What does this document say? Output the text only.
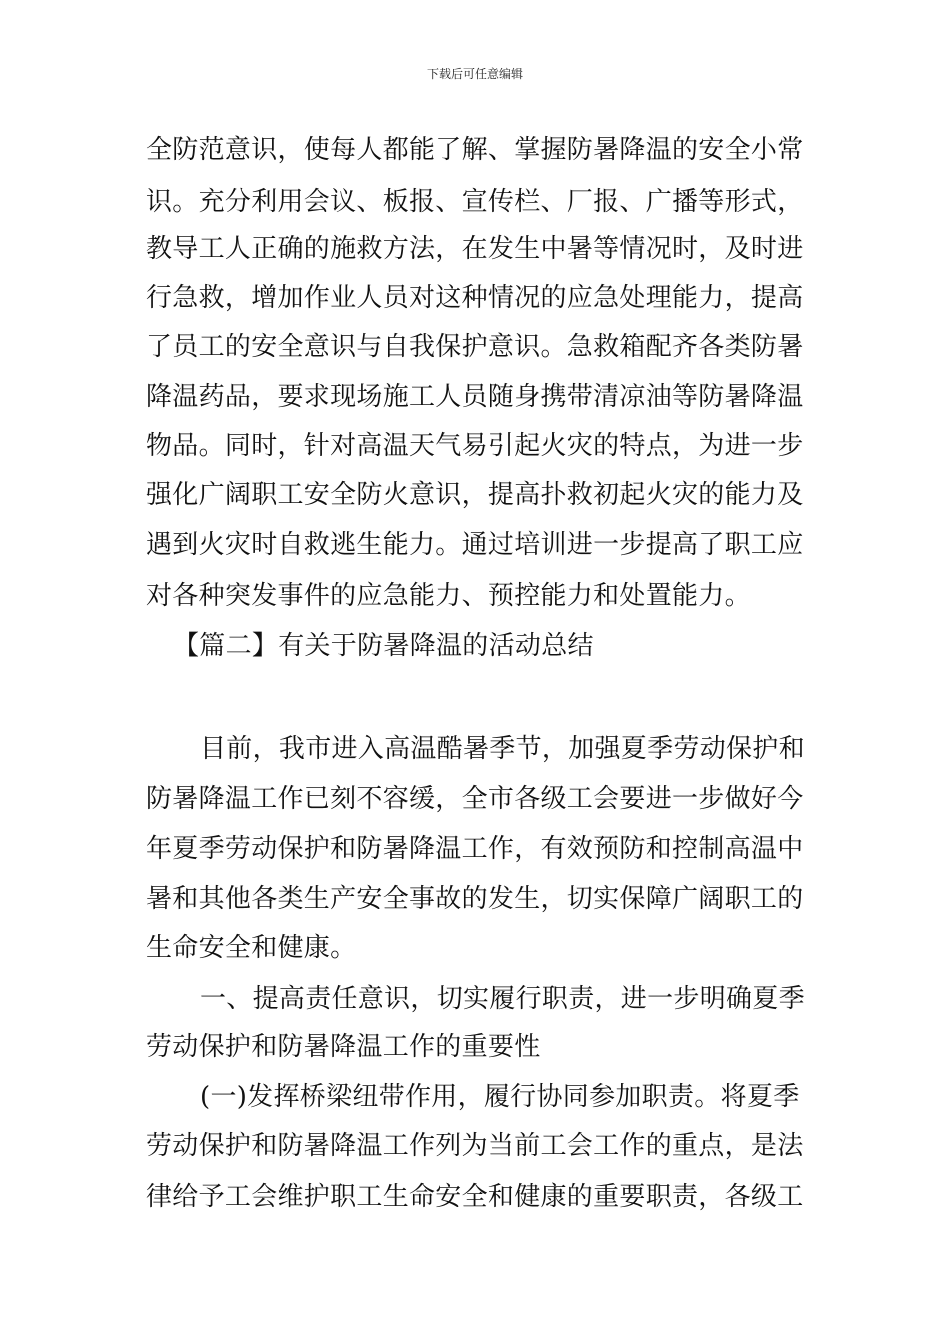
下载后可任意编辑
全防范意识，使每人都能了解、掌握防暑降温的安全小常
识。充分利用会议、板报、宣传栏、厂报、广播等形式，
教导工人正确的施救方法，在发生中暑等情况时，及时进
行急救，增加作业人员对这种情况的应急处理能力，提高
了员工的安全意识与自我保护意识。急救箱配齐各类防暑
降温药品，要求现场施工人员随身携带清凉油等防暑降温
物品。同时，针对高温天气易引起火灾的特点，为进一步
强化广阔职工安全防火意识，提高扑救初起火灾的能力及
遇到火灾时自救逃生能力。通过培训进一步提高了职工应
对各种突发事件的应急能力、预控能力和处置能力。
【篇二】有关于防暑降温的活动总结
目前，我市进入高温酷暑季节，加强夏季劳动保护和
防暑降温工作已刻不容缓，全市各级工会要进一步做好今
年夏季劳动保护和防暑降温工作，有效预防和控制高温中
暑和其他各类生产安全事故的发生，切实保障广阔职工的
生命安全和健康。
一、提高责任意识，切实履行职责，进一步明确夏季
劳动保护和防暑降温工作的重要性
(一)发挥桥梁纽带作用，履行协同参加职责。将夏季
劳动保护和防暑降温工作列为当前工会工作的重点，是法
律给予工会维护职工生命安全和健康的重要职责，各级工
